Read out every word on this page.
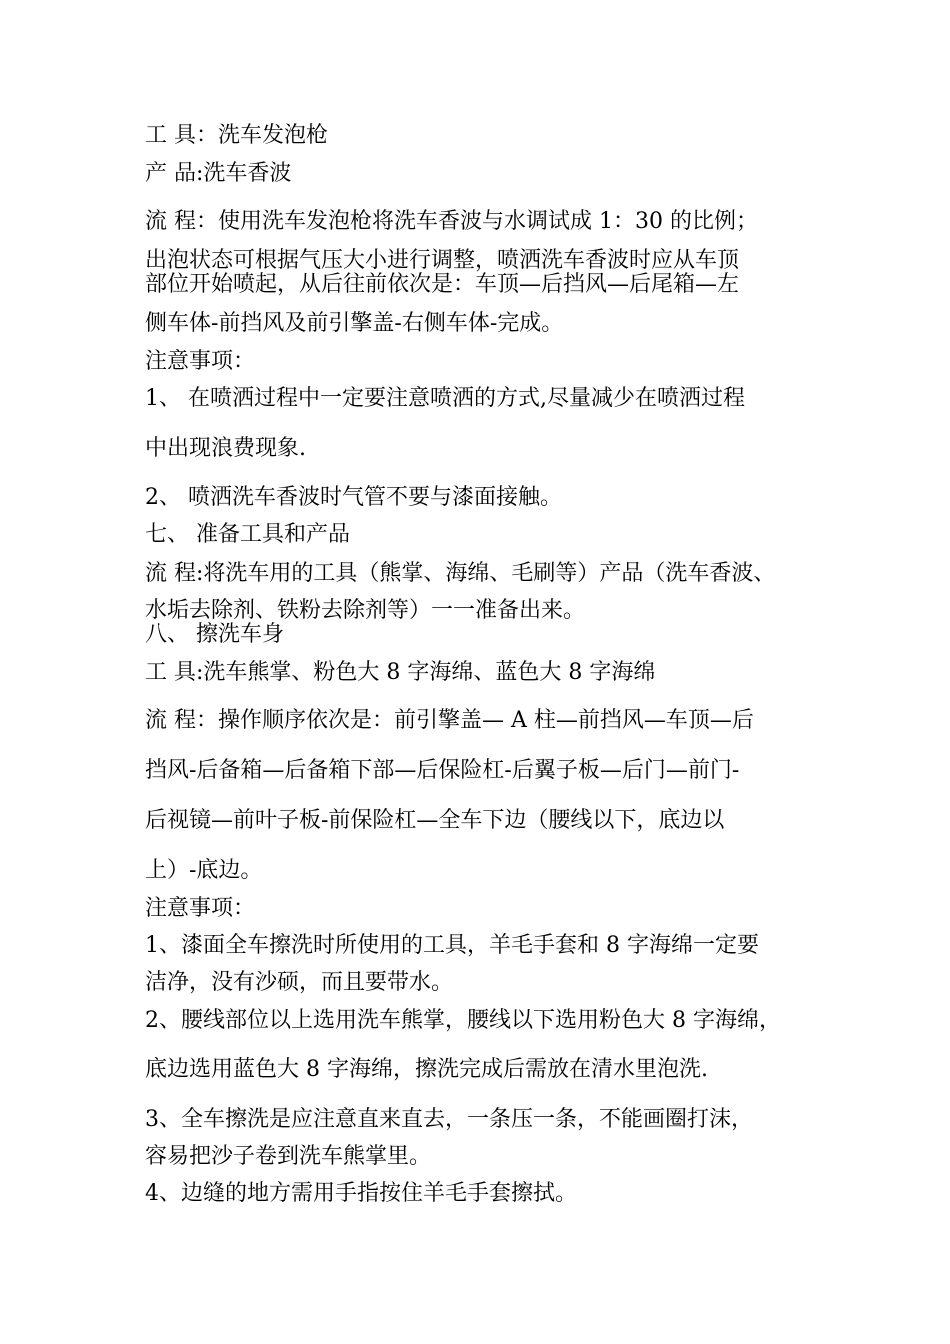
工 具：洗车发泡枪
产 品:洗车香波
流 程：使用洗车发泡枪将洗车香波与水调试成 1：30 的比例；
出泡状态可根据气压大小进行调整，喷洒洗车香波时应从车顶
部位开始喷起，从后往前依次是：车顶—后挡风—后尾箱—左
侧车体-前挡风及前引擎盖-右侧车体-完成。
注意事项：
1、 在喷洒过程中一定要注意喷洒的方式,尽量减少在喷洒过程
中出现浪费现象.
2、 喷洒洗车香波时气管不要与漆面接触。
七、 准备工具和产品
流 程:将洗车用的工具（熊掌、海绵、毛刷等）产品（洗车香波、
水垢去除剂、铁粉去除剂等）一一准备出来。
八、 擦洗车身
工 具:洗车熊掌、粉色大 8 字海绵、蓝色大 8 字海绵
流 程：操作顺序依次是：前引擎盖— A 柱—前挡风—车顶—后
挡风-后备箱—后备箱下部—后保险杠-后翼子板—后门—前门-
后视镜—前叶子板-前保险杠—全车下边（腰线以下，底边以
上）-底边。
注意事项：
1、漆面全车擦洗时所使用的工具，羊毛手套和 8 字海绵一定要
洁净，没有沙硕，而且要带水。
2、腰线部位以上选用洗车熊掌，腰线以下选用粉色大 8 字海绵，
底边选用蓝色大 8 字海绵，擦洗完成后需放在清水里泡洗.
3、全车擦洗是应注意直来直去，一条压一条，不能画圈打沫，
容易把沙子卷到洗车熊掌里。
4、边缝的地方需用手指按住羊毛手套擦拭。
